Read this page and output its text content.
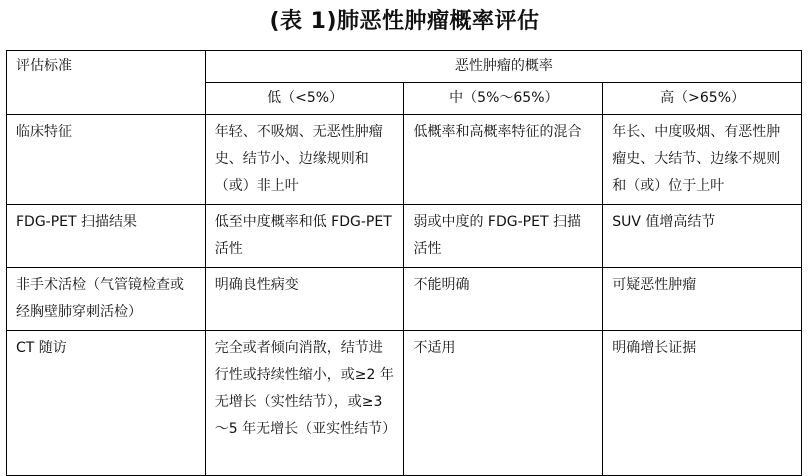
(表 1)肺恶性肿瘤概率评估
评估标准	恶性肿瘤的概率		
	低（<5%）	中（5%～65%）	高（>65%）

临床特征	年轻、不吸烟、无恶性肿瘤史、结节小、边缘规则和（或）非上叶	低概率和高概率特征的混合	年长、中度吸烟、有恶性肿瘤史、大结节、边缘不规则和（或）位于上叶

FDG-PET 扫描结果	低至中度概率和低 FDG-PET 活性	弱或中度的 FDG-PET 扫描活性	SUV 值增高结节

非手术活检（气管镜检查或经胸壁肺穿刺活检）	明确良性病变	不能明确	可疑恶性肿瘤

CT 随访	完全或者倾向消散，结节进行性或持续性缩小，或≥2 年无增长（实性结节），或≥3～5 年无增长（亚实性结节）	不适用	明确增长证据
